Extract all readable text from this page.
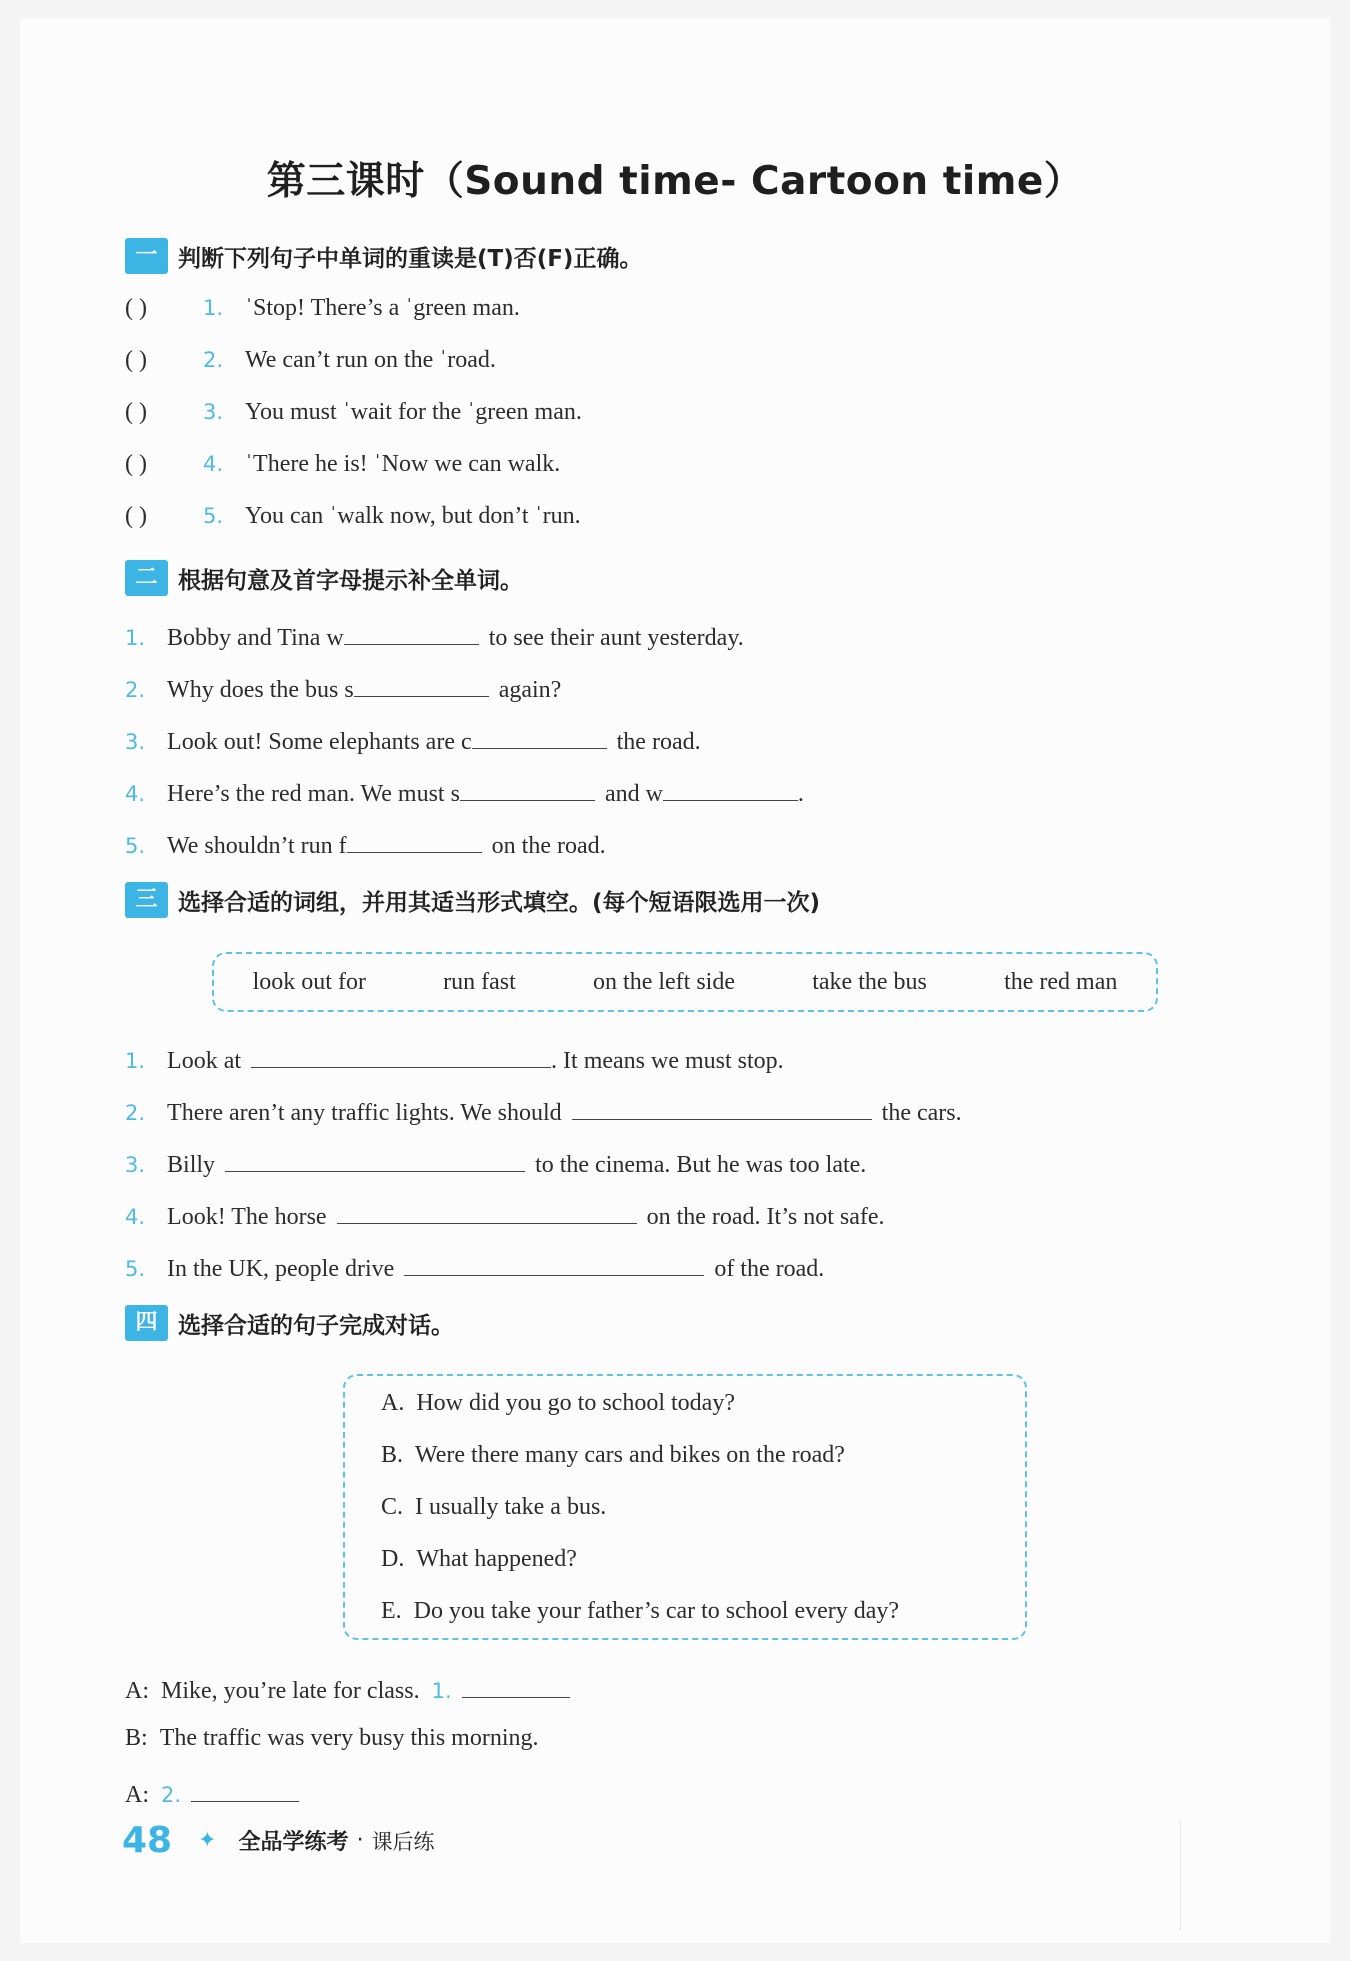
第三课时（Sound time- Cartoon time）
一 判断下列句子中单词的重读是(T)否(F)正确。
( )	1. ˈStop! There’s a ˈgreen man.
( )	2. We can’t run on the ˈroad.
( )	3. You must ˈwait for the ˈgreen man.
( )	4. ˈThere he is! ˈNow we can walk.
( )	5. You can ˈwalk now, but don’t ˈrun.
二 根据句意及首字母提示补全单词。
1. Bobby and Tina w	to see their aunt yesterday.
2. Why does the bus s	again?
3. Look out! Some elephants are c	the road.
4. Here’s the red man. We must s	and w	.
5. We shouldn’t run f	on the road.
三 选择合适的词组，并用其适当形式填空。(每个短语限选用一次)
look out for	run fast	on the left side	take the bus	the red man
1. Look at	. It means we must stop.
2. There aren’t any traffic lights. We should	the cars.
3. Billy	to the cinema. But he was too late.
4. Look! The horse	on the road. It’s not safe.
5. In the UK, people drive	of the road.
四 选择合适的句子完成对话。
A. How did you go to school today?
B. Were there many cars and bikes on the road?
C. I usually take a bus.
D. What happened?
E. Do you take your father’s car to school every day?
A: Mike, you’re late for class. 1.
B: The traffic was very busy this morning.
A: 2.
48 ✦ 全品学练考 · 课后练
